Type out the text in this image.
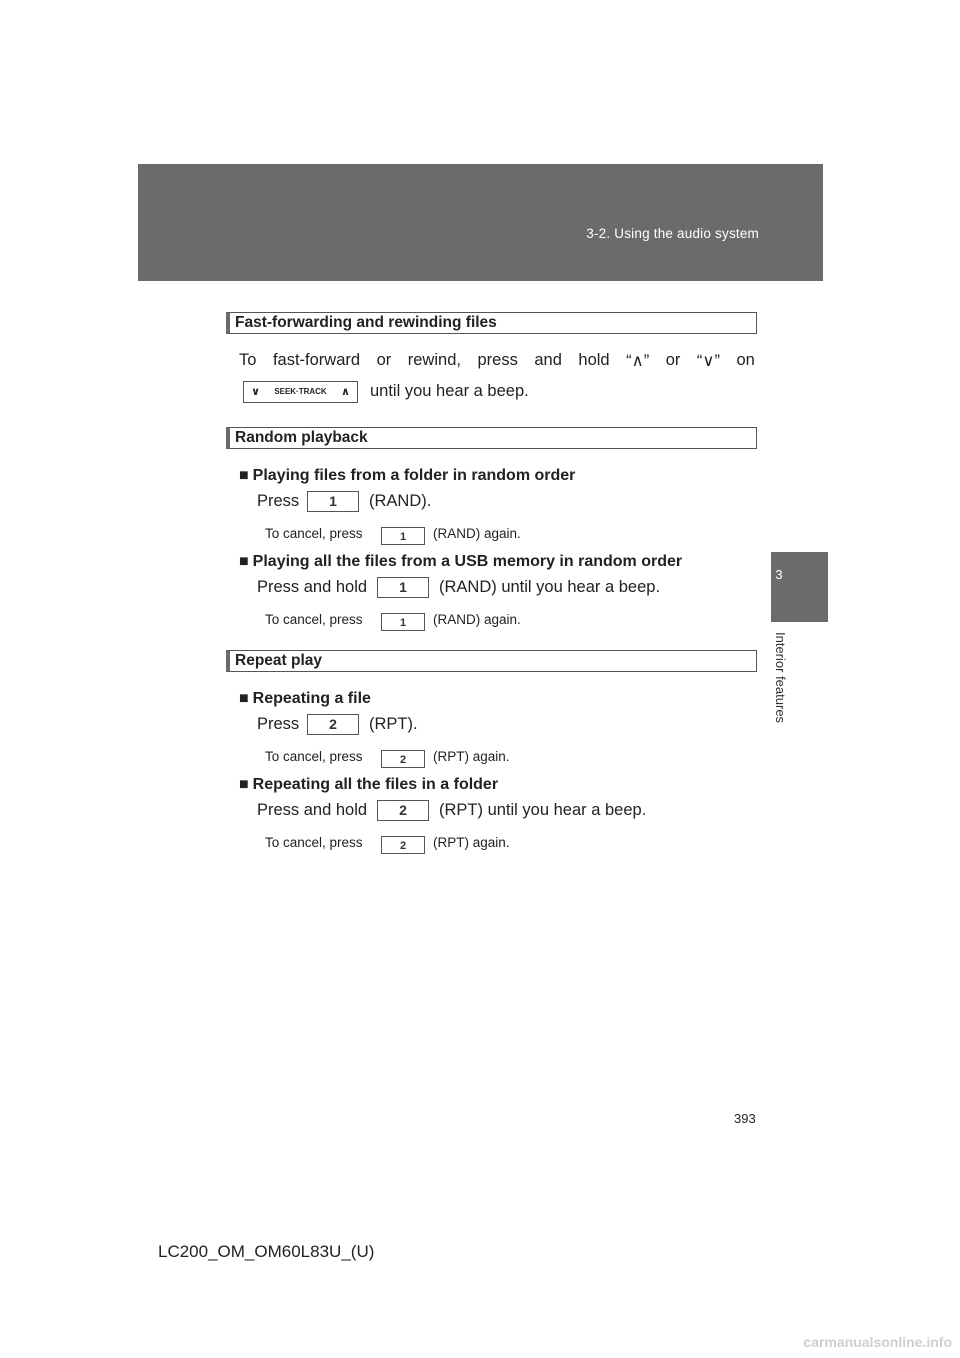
3-2. Using the audio system
3
Interior features
Fast-forwarding and rewinding files
To fast-forward or rewind, press and hold “∧” or “∨” on
∨ SEEK·TRACK ∧ until you hear a beep.
Random playback
■ Playing files from a folder in random order
Press	1	(RAND).
To cancel, press	1	(RAND) again.
■ Playing all the files from a USB memory in random order
Press and hold	1	(RAND) until you hear a beep.
To cancel, press	1	(RAND) again.
Repeat play
■ Repeating a file
Press	2	(RPT).
To cancel, press	2	(RPT) again.
■ Repeating all the files in a folder
Press and hold	2	(RPT) until you hear a beep.
To cancel, press	2	(RPT) again.
393
LC200_OM_OM60L83U_(U)
carmanualsonline.info
